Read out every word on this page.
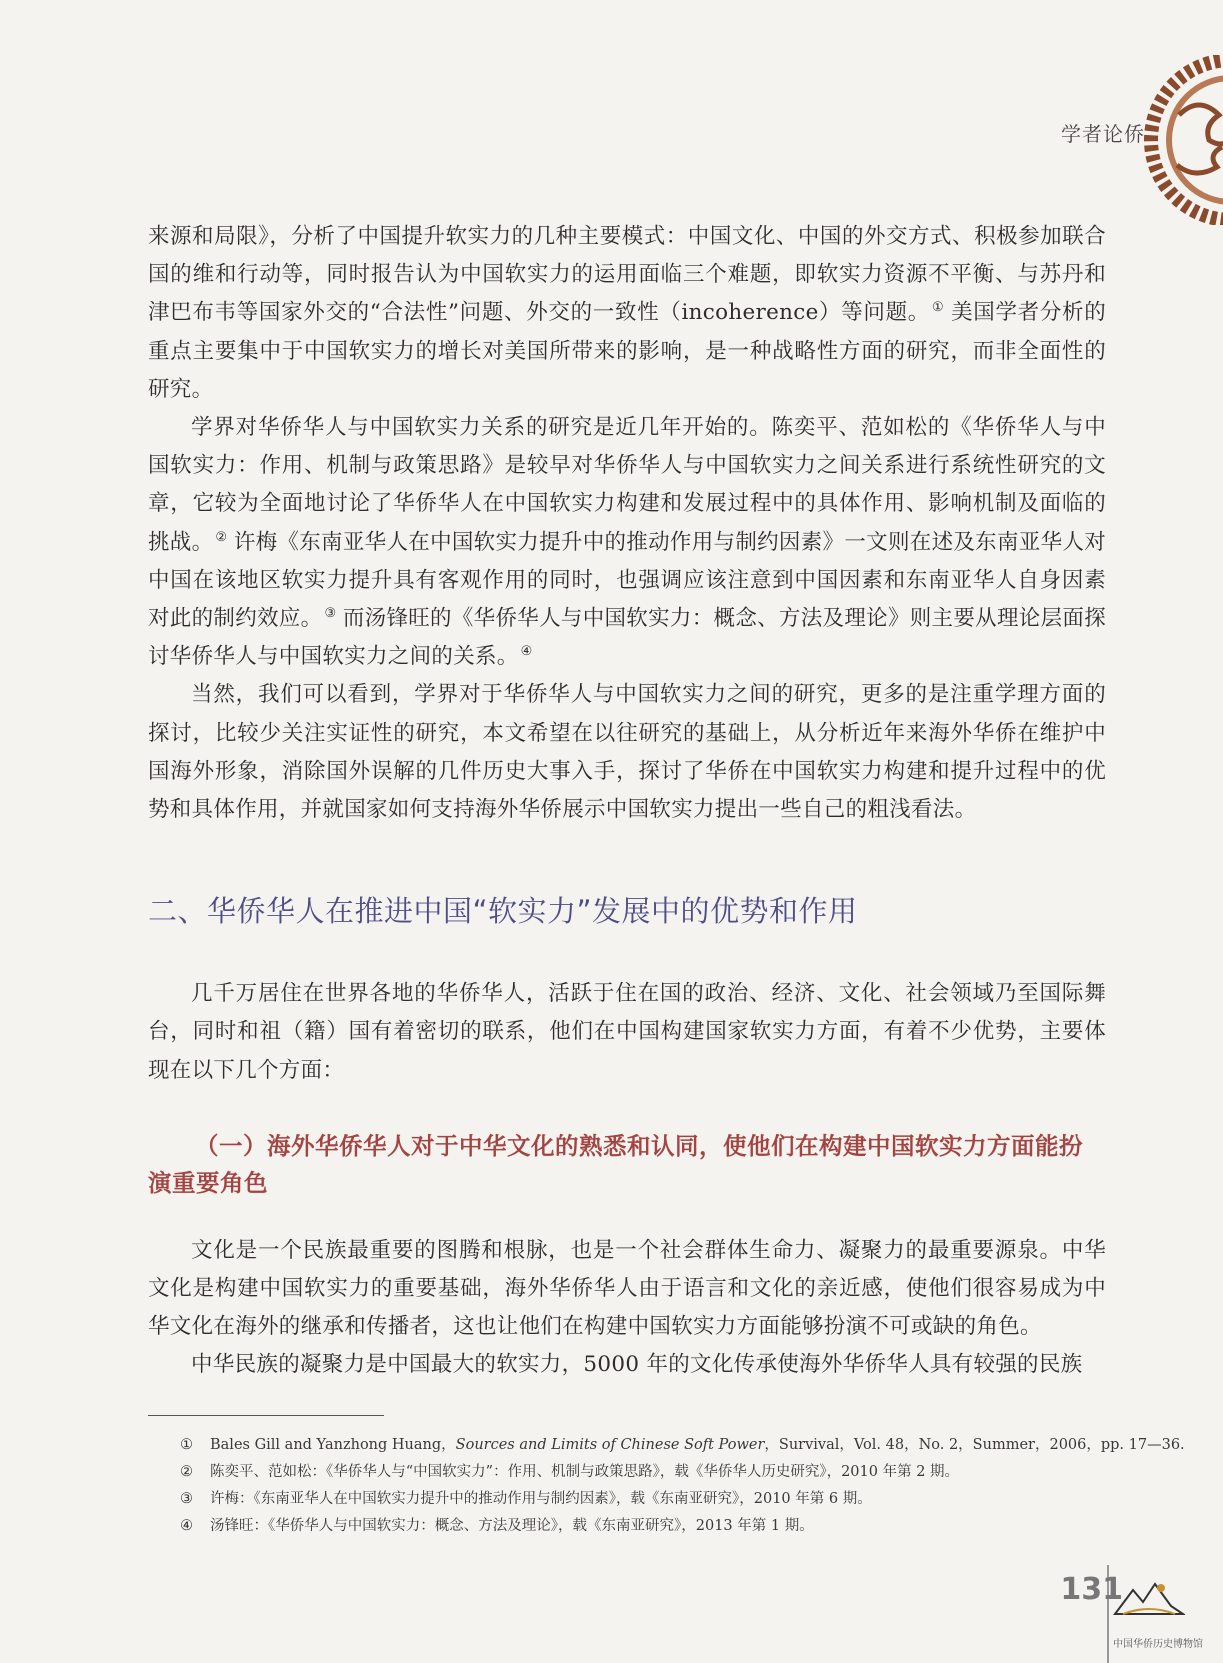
学者论侨

来源和局限》，分析了中国提升软实力的几种主要模式：中国文化、中国的外交方式、积极参加联合国的维和行动等，同时报告认为中国软实力的运用面临三个难题，即软实力资源不平衡、与苏丹和津巴布韦等国家外交的“合法性”问题、外交的一致性（incoherence）等问题。 ① 美国学者分析的重点主要集中于中国软实力的增长对美国所带来的影响，是一种战略性方面的研究，而非全面性的研究。

学界对华侨华人与中国软实力关系的研究是近几年开始的。陈奕平、范如松的《华侨华人与中国软实力：作用、机制与政策思路》是较早对华侨华人与中国软实力之间关系进行系统性研究的文章，它较为全面地讨论了华侨华人在中国软实力构建和发展过程中的具体作用、影响机制及面临的挑战。 ② 许梅《东南亚华人在中国软实力提升中的推动作用与制约因素》一文则在述及东南亚华人对中国在该地区软实力提升具有客观作用的同时，也强调应该注意到中国因素和东南亚华人自身因素对此的制约效应。 ③ 而汤锋旺的《华侨华人与中国软实力：概念、方法及理论》则主要从理论层面探讨华侨华人与中国软实力之间的关系。 ④

当然，我们可以看到，学界对于华侨华人与中国软实力之间的研究，更多的是注重学理方面的探讨，比较少关注实证性的研究，本文希望在以往研究的基础上，从分析近年来海外华侨在维护中国海外形象，消除国外误解的几件历史大事入手，探讨了华侨在中国软实力构建和提升过程中的优势和具体作用，并就国家如何支持海外华侨展示中国软实力提出一些自己的粗浅看法。

二、华侨华人在推进中国“软实力”发展中的优势和作用

几千万居住在世界各地的华侨华人，活跃于住在国的政治、经济、文化、社会领域乃至国际舞台，同时和祖（籍）国有着密切的联系，他们在中国构建国家软实力方面，有着不少优势，主要体现在以下几个方面：

（一）海外华侨华人对于中华文化的熟悉和认同，使他们在构建中国软实力方面能扮演重要角色

文化是一个民族最重要的图腾和根脉，也是一个社会群体生命力、凝聚力的最重要源泉。中华文化是构建中国软实力的重要基础，海外华侨华人由于语言和文化的亲近感，使他们很容易成为中华文化在海外的继承和传播者，这也让他们在构建中国软实力方面能够扮演不可或缺的角色。

中华民族的凝聚力是中国最大的软实力，5000 年的文化传承使海外华侨华人具有较强的民族

① Bales Gill and Yanzhong Huang，Sources and Limits of Chinese Soft Power，Survival，Vol. 48，No. 2，Summer，2006，pp. 17—36.
② 陈奕平、范如松：《华侨华人与“中国软实力”：作用、机制与政策思路》，载《华侨华人历史研究》，2010 年第 2 期。
③ 许梅：《东南亚华人在中国软实力提升中的推动作用与制约因素》，载《东南亚研究》，2010 年第 6 期。
④ 汤锋旺：《华侨华人与中国软实力：概念、方法及理论》，载《东南亚研究》，2013 年第 1 期。
131
中国华侨历史博物馆
